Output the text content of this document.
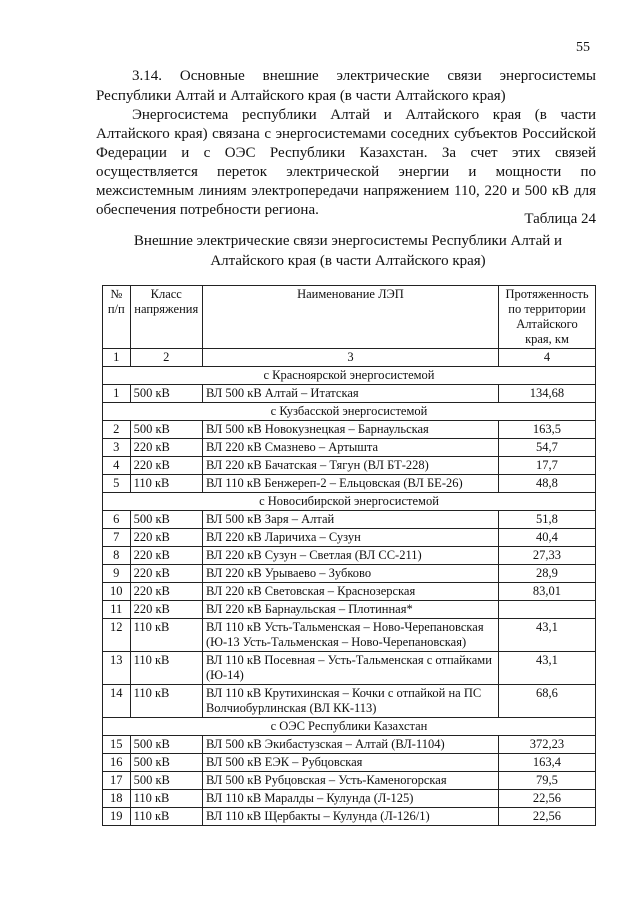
55
3.14. Основные внешние электрические связи энергосистемы
Республики Алтай и Алтайского края (в части Алтайского края)
Энергосистема республики Алтай и Алтайского края (в части Алтайского края) связана с энергосистемами соседних субъектов Российской Федерации и с ОЭС Республики Казахстан. За счет этих связей осуществляется переток электрической энергии и мощности по межсистемным линиям электропередачи напряжением 110, 220 и 500 кВ для обеспечения потребности региона.
Таблица 24
Внешние электрические связи энергосистемы Республики Алтай и
Алтайского края (в части Алтайского края)
№ п/п	Класс напряжения	Наименование ЛЭП	Протяженность по территории Алтайского края, км
1	2	3	4
с Красноярской энергосистемой			
1	500 кВ	ВЛ 500 кВ Алтай – Итатская	134,68
с Кузбасской энергосистемой			
2	500 кВ	ВЛ 500 кВ Новокузнецкая – Барнаульская	163,5
3	220 кВ	ВЛ 220 кВ Смазнево – Артышта	54,7
4	220 кВ	ВЛ 220 кВ Бачатская – Тягун (ВЛ БТ-228)	17,7
5	110 кВ	ВЛ 110 кВ Бенжереп-2 – Ельцовская (ВЛ БЕ-26)	48,8
с Новосибирской энергосистемой			
6	500 кВ	ВЛ 500 кВ Заря – Алтай	51,8
7	220 кВ	ВЛ 220 кВ Ларичиха – Сузун	40,4
8	220 кВ	ВЛ 220 кВ Сузун – Светлая (ВЛ СС-211)	27,33
9	220 кВ	ВЛ 220 кВ Урываево – Зубково	28,9
10	220 кВ	ВЛ 220 кВ Световская – Краснозерская	83,01
11	220 кВ	ВЛ 220 кВ Барнаульская – Плотинная*	
12	110 кВ	ВЛ 110 кВ Усть-Тальменская – Ново-Черепановская (Ю-13 Усть-Тальменская – Ново-Черепановская)	43,1
13	110 кВ	ВЛ 110 кВ Посевная – Усть-Тальменская с отпайками (Ю-14)	43,1
14	110 кВ	ВЛ 110 кВ Крутихинская – Кочки с отпайкой на ПС Волчиобурлинская (ВЛ КК-113)	68,6
с ОЭС Республики Казахстан			
15	500 кВ	ВЛ 500 кВ Экибастузская – Алтай (ВЛ-1104)	372,23
16	500 кВ	ВЛ 500 кВ ЕЭК – Рубцовская	163,4
17	500 кВ	ВЛ 500 кВ Рубцовская – Усть-Каменогорская	79,5
18	110 кВ	ВЛ 110 кВ Маралды – Кулунда (Л-125)	22,56
19	110 кВ	ВЛ 110 кВ Щербакты – Кулунда (Л-126/1)	22,56
